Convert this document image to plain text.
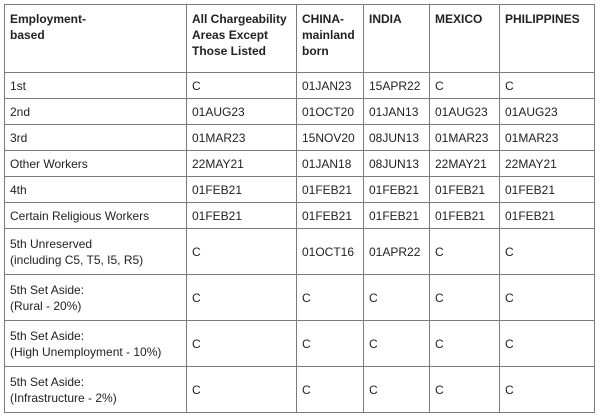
Employment-
based	All Chargeability
Areas Except
Those Listed	CHINA-
mainland
born	INDIA	MEXICO	PHILIPPINES

1st	C	01JAN23	15APR22	C	C

2nd	01AUG23	01OCT20	01JAN13	01AUG23	01AUG23

3rd	01MAR23	15NOV20	08JUN13	01MAR23	01MAR23

Other Workers	22MAY21	01JAN18	08JUN13	22MAY21	22MAY21

4th	01FEB21	01FEB21	01FEB21	01FEB21	01FEB21

Certain Religious Workers	01FEB21	01FEB21	01FEB21	01FEB21	01FEB21

5th Unreserved
(including C5, T5, I5, R5)	C	01OCT16	01APR22	C	C

5th Set Aside:
(Rural - 20%)	C	C	C	C	C

5th Set Aside:
(High Unemployment - 10%)	C	C	C	C	C

5th Set Aside:
(Infrastructure - 2%)	C	C	C	C	C
